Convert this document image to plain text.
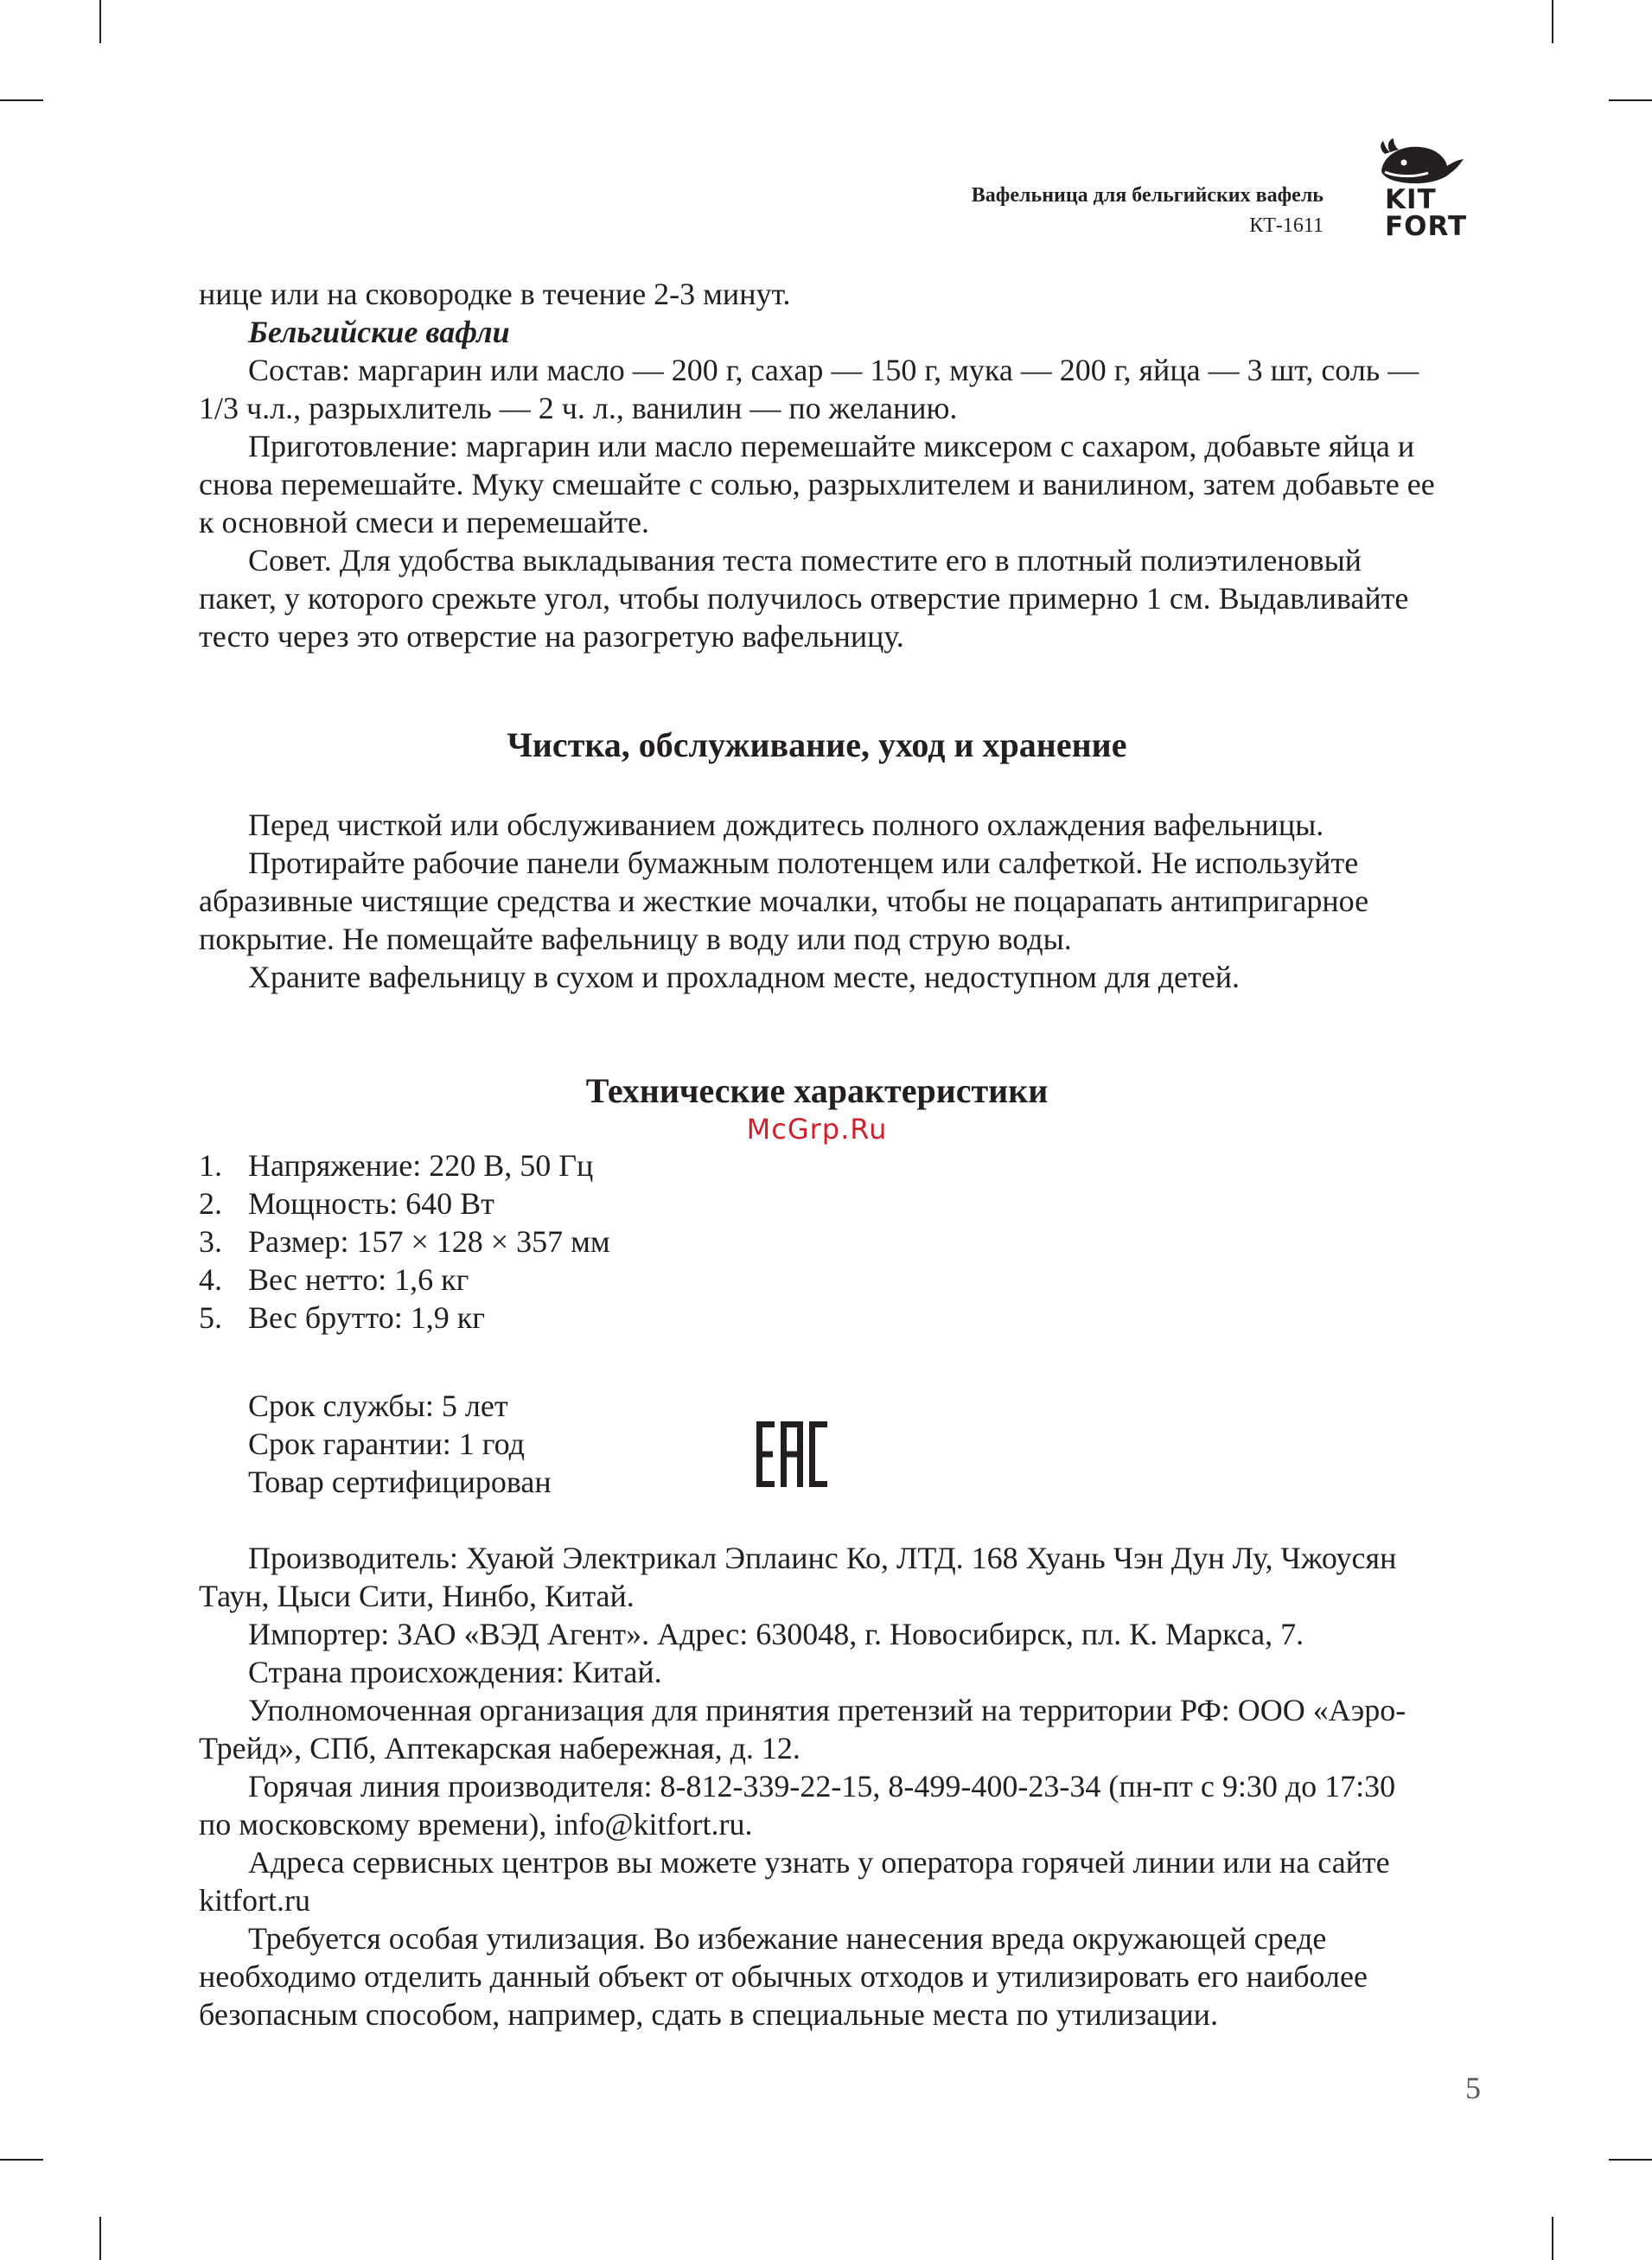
Вафельница для бельгийских вафель
КТ-1611
KIT
FORT

нице или на сковородке в течение 2-3 минут.

Бельгийские вафли

Состав: маргарин или масло — 200 г, сахар — 150 г, мука — 200 г, яйца — 3 шт, соль — 1/3 ч.л., разрыхлитель — 2 ч. л., ванилин — по желанию.

Приготовление: маргарин или масло перемешайте миксером с сахаром, добавьте яйца и снова перемешайте. Муку смешайте с солью, разрыхлителем и ванилином, затем добавьте ее к основной смеси и перемешайте.

Совет. Для удобства выкладывания теста поместите его в плотный полиэтиленовый пакет, у которого срежьте угол, чтобы получилось отверстие примерно 1 см. Выдавливайте тесто через это отверстие на разогретую вафельницу.

Чистка, обслуживание, уход и хранение

Перед чисткой или обслуживанием дождитесь полного охлаждения вафельницы.

Протирайте рабочие панели бумажным полотенцем или салфеткой. Не используйте абразивные чистящие средства и жесткие мочалки, чтобы не поцарапать антипригарное покрытие. Не помещайте вафельницу в воду или под струю воды.

Храните вафельницу в сухом и прохладном месте, недоступном для детей.

Технические характеристики
McGrp.Ru
1. Напряжение: 220 В, 50 Гц
2. Мощность: 640 Вт
3. Размер: 157 × 128 × 357 мм
4. Вес нетто: 1,6 кг
5. Вес брутто: 1,9 кг

Срок службы: 5 лет

Срок гарантии: 1 год

Товар сертифицирован

Производитель: Хуаюй Электрикал Эплаинс Ко, ЛТД. 168 Хуань Чэн Дун Лу, Чжоусян Таун, Цыси Сити, Нинбо, Китай.

Импортер: ЗАО «ВЭД Агент». Адрес: 630048, г. Новосибирск, пл. К. Маркса, 7.

Страна происхождения: Китай.

Уполномоченная организация для принятия претензий на территории РФ: ООО «Аэро-Трейд», СПб, Аптекарская набережная, д. 12.

Горячая линия производителя: 8-812-339-22-15, 8-499-400-23-34 (пн-пт с 9:30 до 17:30 по московскому времени), info@kitfort.ru.

Адреса сервисных центров вы можете узнать у оператора горячей линии или на сайте kitfort.ru

Требуется особая утилизация. Во избежание нанесения вреда окружающей среде необходимо отделить данный объект от обычных отходов и утилизировать его наиболее безопасным способом, например, сдать в специальные места по утилизации.

5
